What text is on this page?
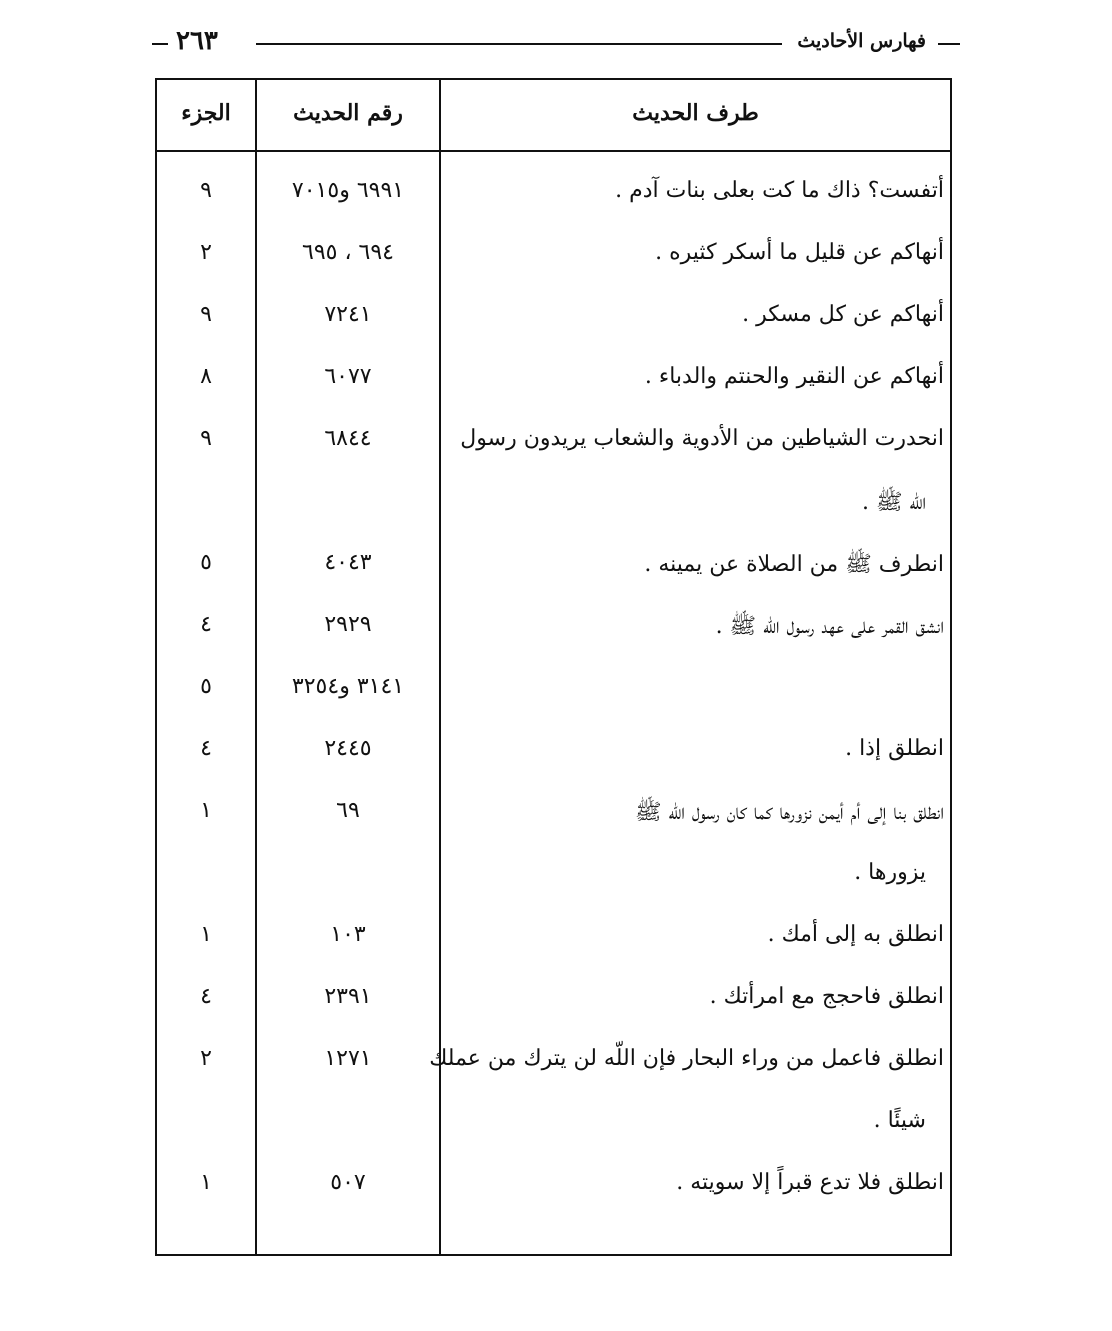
فهارس الأحاديث
٢٦٣
طرف الحديث
رقم الحديث
الجزء
أتفست؟ ذاك ما كت بعلى بنات آدم .
٦٩٩١ و٧٠١٥
٩
أنهاكم عن قليل ما أسكر كثيره .
٦٩٤ ، ٦٩٥
٢
أنهاكم عن كل مسكر .
٧٢٤١
٩
أنهاكم عن النقير والحنتم والدباء .
٦٠٧٧
٨
انحدرت الشياطين من الأدوية والشعاب يريدون رسول
٦٨٤٤
٩
اللّه ﷺ .
انطرف ﷺ من الصلاة عن يمينه .
٤٠٤٣
٥
انشق القمر على عهد رسول اللّه ﷺ .
٢٩٢٩
٤
٣١٤١ و٣٢٥٤
٥
انطلق إذا .
٢٤٤٥
٤
انطلق بنا إلى أم أيمن نزورها كما كان رسول اللّه ﷺ
٦٩
١
يزورها .
انطلق به إلى أمك .
١٠٣
١
انطلق فاحجج مع امرأتك .
٢٣٩١
٤
انطلق فاعمل من وراء البحار فإن اللّه لن يترك من عملك
١٢٧١
٢
شيئًا .
انطلق فلا تدع قبراً إلا سويته .
٥٠٧
١
